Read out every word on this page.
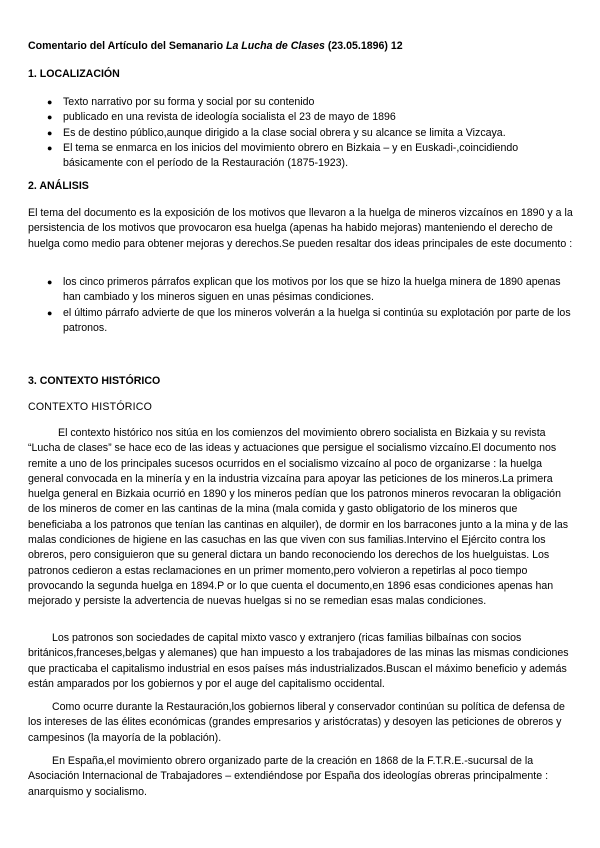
Comentario del Artículo del Semanario La Lucha de Clases (23.05.1896) 12
1. LOCALIZACIÓN
● Texto narrativo por su forma y social por su contenido
● publicado en una revista de ideología socialista el 23 de mayo de 1896
● Es de destino público,aunque dirigido a la clase social obrera y su alcance se limita a Vizcaya.
● El tema se enmarca en los inicios del movimiento obrero en Bizkaia – y en Euskadi-,coincidiendo básicamente con el período de la Restauración (1875-1923).
2. ANÁLISIS

El tema del documento es la exposición de los motivos que llevaron a la huelga de mineros vizcaínos en 1890 y a la persistencia de los motivos que provocaron esa huelga (apenas ha habido mejoras) manteniendo el derecho de huelga como medio para obtener mejoras y derechos.Se pueden resaltar dos ideas principales de este documento :

● los cinco primeros párrafos explican que los motivos por los que se hizo la huelga minera de 1890 apenas han cambiado y los mineros siguen en unas pésimas condiciones.
● el último párrafo advierte de que los mineros volverán a la huelga si continúa su explotación por parte de los patronos.
3. CONTEXTO HISTÓRICO
CONTEXTO HISTÓRICO

El contexto histórico nos sitúa en los comienzos del movimiento obrero socialista en Bizkaia y su revista “Lucha de clases” se hace eco de las ideas y actuaciones que persigue el socialismo vizcaíno.El documento nos remite a uno de los principales sucesos ocurridos en el socialismo vizcaíno al poco de organizarse : la huelga general convocada en la minería y en la industria vizcaína para apoyar las peticiones de los mineros.La primera huelga general en Bizkaia ocurrió en 1890 y los mineros pedían que los patronos mineros revocaran la obligación de los mineros de comer en las cantinas de la mina (mala comida y gasto obligatorio de los mineros que beneficiaba a los patronos que tenían las cantinas en alquiler), de dormir en los barracones junto a la mina y de las malas condiciones de higiene en las casuchas en las que viven con sus familias.Intervino el Ejército contra los obreros, pero consiguieron que su general dictara un bando reconociendo los derechos de los huelguistas. Los patronos cedieron a estas reclamaciones en un primer momento,pero volvieron a repetirlas al poco tiempo provocando la segunda huelga en 1894.P or lo que cuenta el documento,en 1896 esas condiciones apenas han mejorado y persiste la advertencia de nuevas huelgas si no se remedian esas malas condiciones.

Los patronos son sociedades de capital mixto vasco y extranjero (ricas familias bilbaínas con socios británicos,franceses,belgas y alemanes) que han impuesto a los trabajadores de las minas las mismas condiciones que practicaba el capitalismo industrial en esos países más industrializados.Buscan el máximo beneficio y además están amparados por los gobiernos y por el auge del capitalismo occidental.

Como ocurre durante la Restauración,los gobiernos liberal y conservador continúan su política de defensa de los intereses de las élites económicas (grandes empresarios y aristócratas) y desoyen las peticiones de obreros y campesinos (la mayoría de la población).

En España,el movimiento obrero organizado parte de la creación en 1868 de la F.T.R.E.-sucursal de la Asociación Internacional de Trabajadores – extendiéndose por España dos ideologías obreras principalmente : anarquismo y socialismo.
